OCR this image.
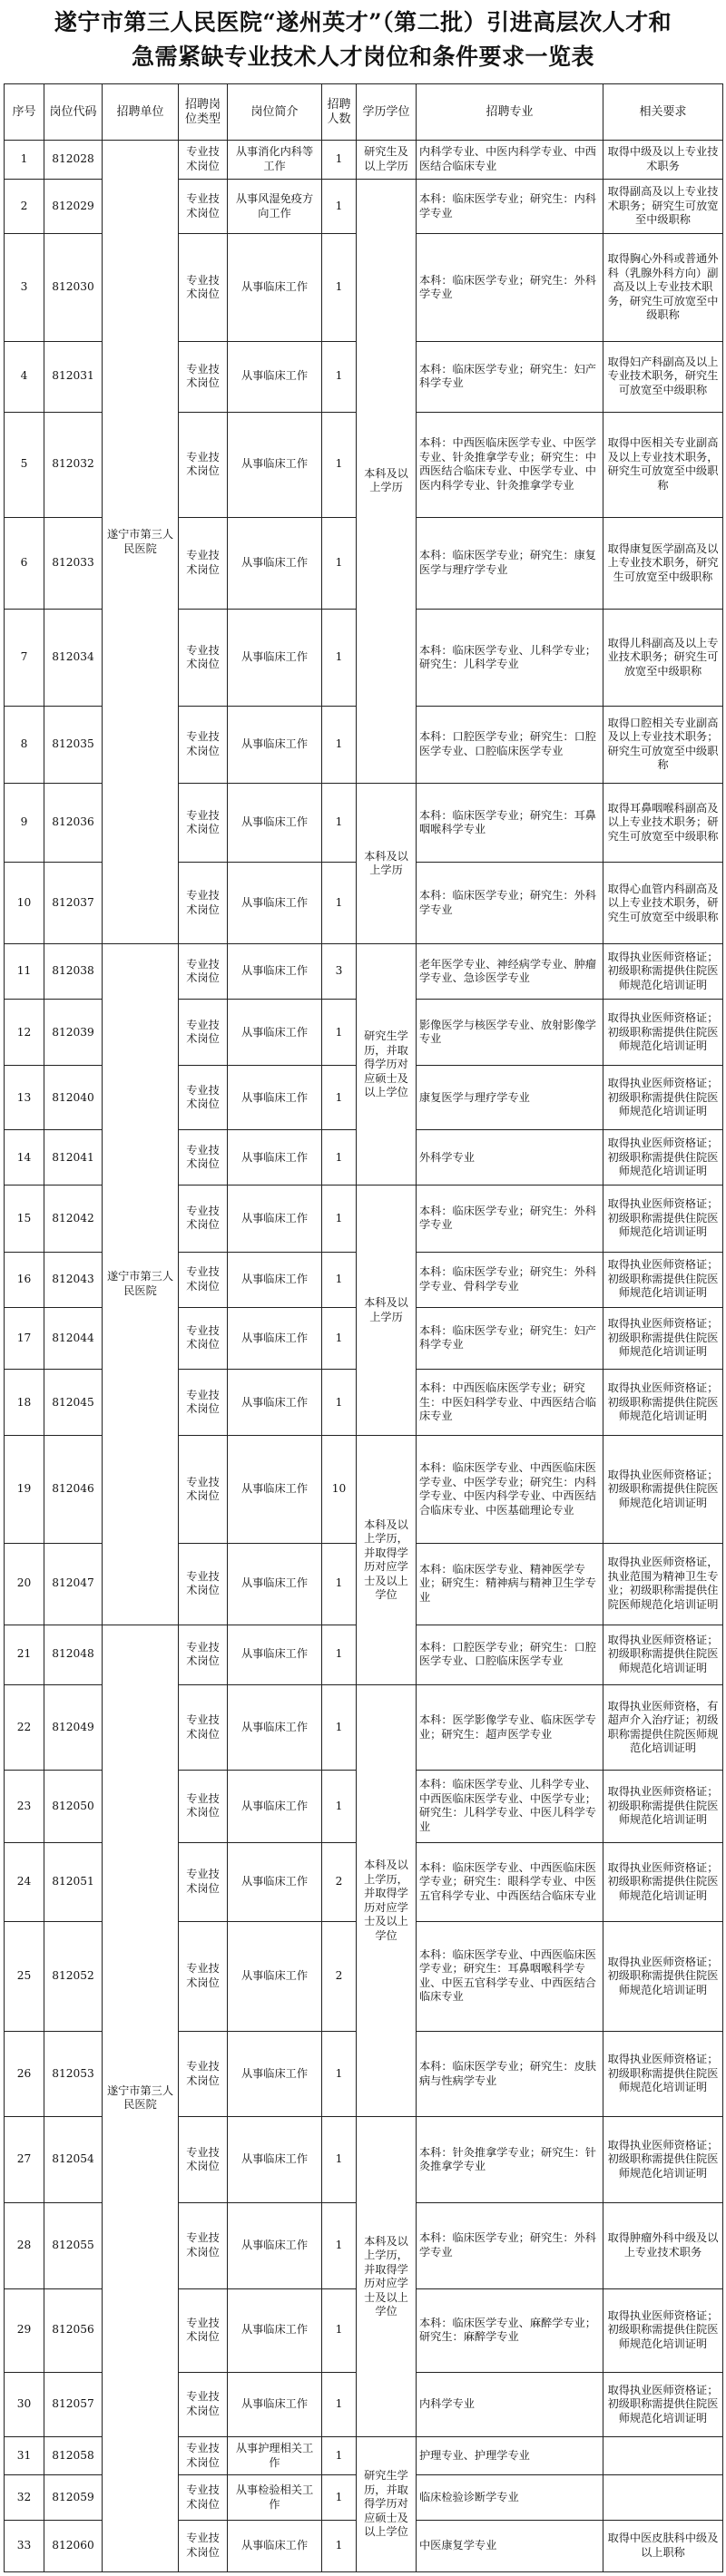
遂宁市第三人民医院“遂州英才”（第二批）引进高层次人才和
急需紧缺专业技术人才岗位和条件要求一览表
序号	岗位代码	招聘单位	招聘岗位类型	岗位简介	招聘人数	学历学位	招聘专业	相关要求
1	812028	遂宁市第三人民医院	专业技术岗位	从事消化内科等工作	1	研究生及以上学历	内科学专业、中医内科学专业、中西医结合临床专业	取得中级及以上专业技术职务
2	812029		专业技术岗位	从事风湿免疫方向工作	1	本科及以上学历	本科：临床医学专业；研究生：内科学专业	取得副高及以上专业技术职务；研究生可放宽至中级职称
3	812030		专业技术岗位	从事临床工作	1		本科：临床医学专业；研究生：外科学专业	取得胸心外科或普通外科（乳腺外科方向）副高及以上专业技术职务，研究生可放宽至中级职称
4	812031		专业技术岗位	从事临床工作	1		本科：临床医学专业；研究生：妇产科学专业	取得妇产科副高及以上专业技术职务，研究生可放宽至中级职称
5	812032		专业技术岗位	从事临床工作	1		本科：中西医临床医学专业、中医学专业、针灸推拿学专业；研究生：中西医结合临床专业、中医学专业、中医内科学专业、针灸推拿学专业	取得中医相关专业副高及以上专业技术职务，研究生可放宽至中级职称
6	812033		专业技术岗位	从事临床工作	1		本科：临床医学专业；研究生：康复医学与理疗学专业	取得康复医学副高及以上专业技术职务，研究生可放宽至中级职称
7	812034		专业技术岗位	从事临床工作	1		本科：临床医学专业、儿科学专业；研究生：儿科学专业	取得儿科副高及以上专业技术职务；研究生可放宽至中级职称
8	812035		专业技术岗位	从事临床工作	1		本科：口腔医学专业；研究生：口腔医学专业、口腔临床医学专业	取得口腔相关专业副高及以上专业技术职务；研究生可放宽至中级职称
9	812036		专业技术岗位	从事临床工作	1	本科及以上学历	本科：临床医学专业；研究生：耳鼻咽喉科学专业	取得耳鼻咽喉科副高及以上专业技术职务；研究生可放宽至中级职称
10	812037		专业技术岗位	从事临床工作	1		本科：临床医学专业；研究生：外科学专业	取得心血管内科副高及以上专业技术职务，研究生可放宽至中级职称
11	812038	遂宁市第三人民医院	专业技术岗位	从事临床工作	3	研究生学历，并取得学历对应硕士及以上学位	老年医学专业、神经病学专业、肿瘤学专业、急诊医学专业	取得执业医师资格证；初级职称需提供住院医师规范化培训证明
12	812039		专业技术岗位	从事临床工作	1		影像医学与核医学专业、放射影像学专业	取得执业医师资格证；初级职称需提供住院医师规范化培训证明
13	812040		专业技术岗位	从事临床工作	1		康复医学与理疗学专业	取得执业医师资格证；初级职称需提供住院医师规范化培训证明
14	812041		专业技术岗位	从事临床工作	1		外科学专业	取得执业医师资格证；初级职称需提供住院医师规范化培训证明
15	812042		专业技术岗位	从事临床工作	1	本科及以上学历	本科：临床医学专业；研究生：外科学专业	取得执业医师资格证；初级职称需提供住院医师规范化培训证明
16	812043		专业技术岗位	从事临床工作	1		本科：临床医学专业；研究生：外科学专业、骨科学专业	取得执业医师资格证；初级职称需提供住院医师规范化培训证明
17	812044		专业技术岗位	从事临床工作	1		本科：临床医学专业；研究生：妇产科学专业	取得执业医师资格证；初级职称需提供住院医师规范化培训证明
18	812045		专业技术岗位	从事临床工作	1		本科：中西医临床医学专业；研究生：中医妇科学专业、中西医结合临床专业	取得执业医师资格证；初级职称需提供住院医师规范化培训证明
19	812046		专业技术岗位	从事临床工作	10	本科及以上学历，并取得学历对应学士及以上学位	本科：临床医学专业、中西医临床医学专业、中医学专业；研究生：内科学专业、中医内科学专业、中西医结合临床专业、中医基础理论专业	取得执业医师资格证；初级职称需提供住院医师规范化培训证明
20	812047		专业技术岗位	从事临床工作	1		本科：临床医学专业、精神医学专业；研究生：精神病与精神卫生学专业	取得执业医师资格证，执业范围为精神卫生专业；初级职称需提供住院医师规范化培训证明
21	812048	遂宁市第三人民医院	专业技术岗位	从事临床工作	1		本科：口腔医学专业；研究生：口腔医学专业、口腔临床医学专业	取得执业医师资格证；初级职称需提供住院医师规范化培训证明
22	812049		专业技术岗位	从事临床工作	1	本科及以上学历，并取得学历对应学士及以上学位	本科：医学影像学专业、临床医学专业；研究生：超声医学专业	取得执业医师资格，有超声介入治疗证；初级职称需提供住院医师规范化培训证明
23	812050		专业技术岗位	从事临床工作	1		本科：临床医学专业、儿科学专业、中西医临床医学专业、中医学专业；研究生：儿科学专业、中医儿科学专业	取得执业医师资格证；初级职称需提供住院医师规范化培训证明
24	812051		专业技术岗位	从事临床工作	2		本科：临床医学专业、中西医临床医学专业；研究生：眼科学专业、中医五官科学专业、中西医结合临床专业	取得执业医师资格证；初级职称需提供住院医师规范化培训证明
25	812052		专业技术岗位	从事临床工作	2		本科：临床医学专业、中西医临床医学专业；研究生：耳鼻咽喉科学专业、中医五官科学专业、中西医结合临床专业	取得执业医师资格证；初级职称需提供住院医师规范化培训证明
26	812053		专业技术岗位	从事临床工作	1		本科：临床医学专业；研究生：皮肤病与性病学专业	取得执业医师资格证；初级职称需提供住院医师规范化培训证明
27	812054		专业技术岗位	从事临床工作	1	本科及以上学历，并取得学历对应学士及以上学位	本科：针灸推拿学专业；研究生：针灸推拿学专业	取得执业医师资格证；初级职称需提供住院医师规范化培训证明
28	812055		专业技术岗位	从事临床工作	1		本科：临床医学专业；研究生：外科学专业	取得肿瘤外科中级及以上专业技术职务
29	812056		专业技术岗位	从事临床工作	1		本科：临床医学专业、麻醉学专业；研究生：麻醉学专业	取得执业医师资格证；初级职称需提供住院医师规范化培训证明
30	812057		专业技术岗位	从事临床工作	1		内科学专业	取得执业医师资格证；初级职称需提供住院医师规范化培训证明
31	812058		专业技术岗位	从事护理相关工作	1	研究生学历，并取得学历对应硕士及以上学位	护理专业、护理学专业	
32	812059		专业技术岗位	从事检验相关工作	1		临床检验诊断学专业	
33	812060		专业技术岗位	从事临床工作	1		中医康复学专业	取得中医皮肤科中级及以上职称
